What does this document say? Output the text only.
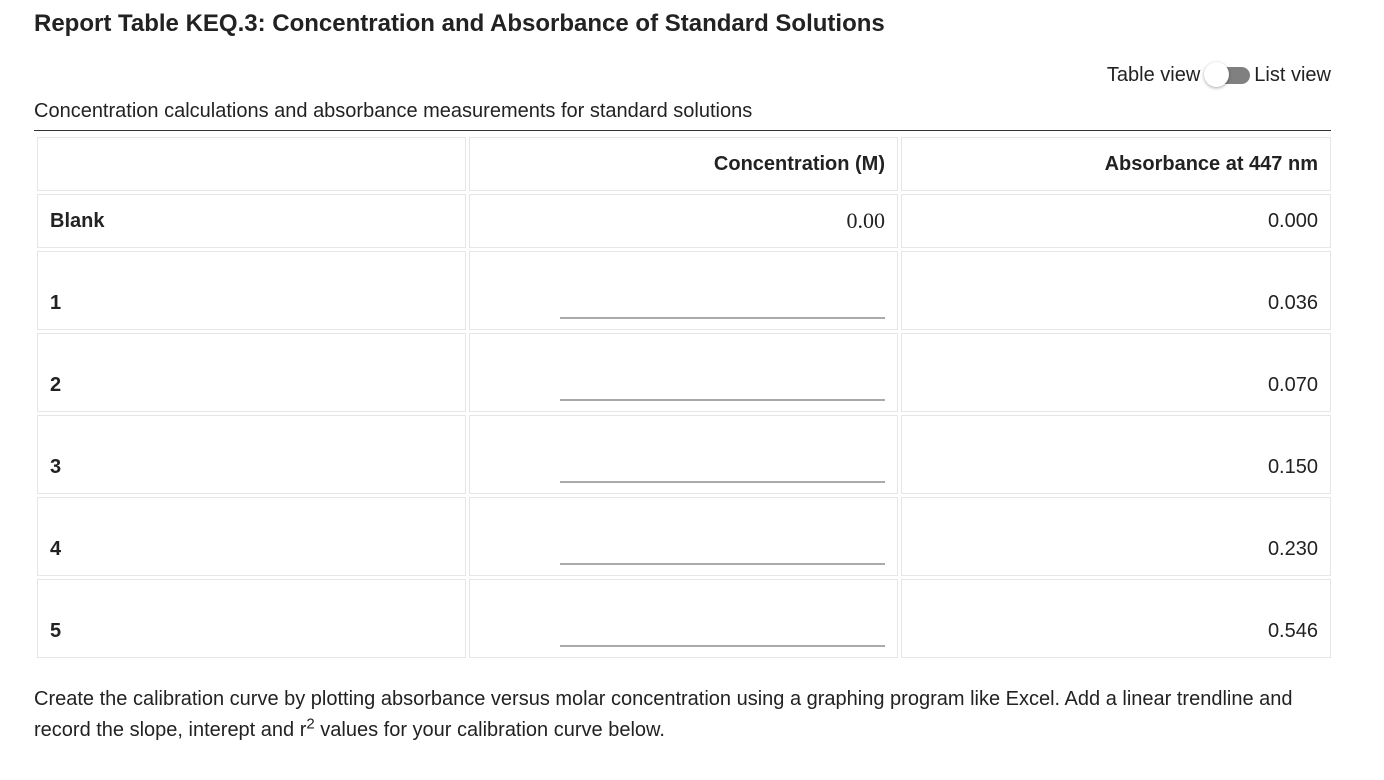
Report Table KEQ.3: Concentration and Absorbance of Standard Solutions
Table view	List view
Concentration calculations and absorbance measurements for standard solutions
	Concentration (M)	Absorbance at 447 nm
Blank	0.00	0.000
1		0.036
2		0.070
3		0.150
4		0.230
5		0.546
Create the calibration curve by plotting absorbance versus molar concentration using a graphing program like Excel. Add a linear trendline and record the slope, interept and $r^2$ values for your calibration curve below.
